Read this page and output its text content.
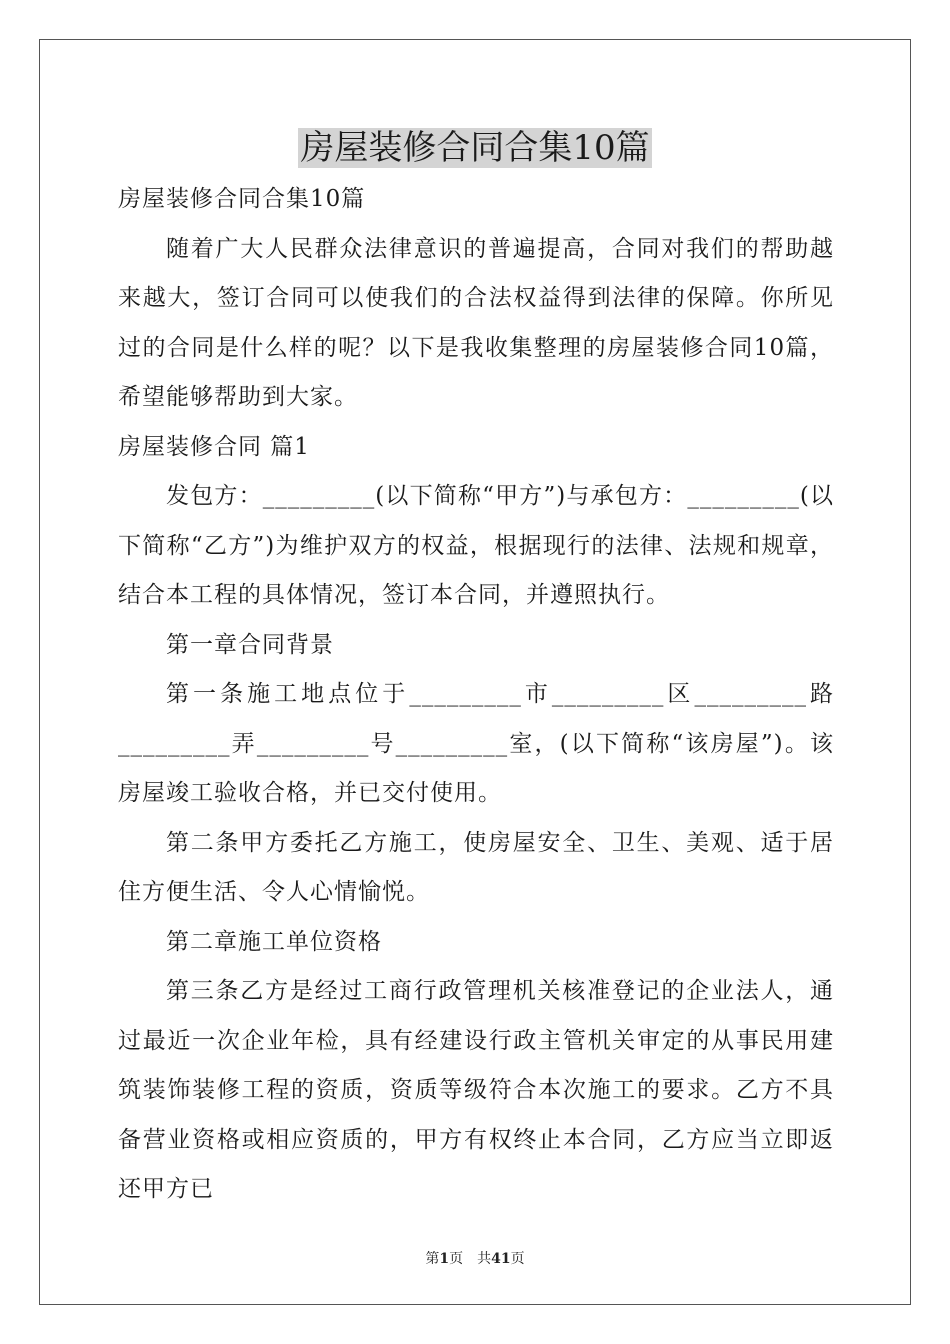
房屋装修合同合集10篇

房屋装修合同合集10篇

随着广大人民群众法律意识的普遍提高，合同对我们的帮助越来越大，签订合同可以使我们的合法权益得到法律的保障。你所见过的合同是什么样的呢？以下是我收集整理的房屋装修合同10篇，希望能够帮助到大家。

房屋装修合同 篇1

发包方：_________(以下简称“甲方”)与承包方：_________(以下简称“乙方”)为维护双方的权益，根据现行的法律、法规和规章，结合本工程的具体情况，签订本合同，并遵照执行。

第一章合同背景

第一条施工地点位于_________市_________区_________路_________弄_________号_________室，(以下简称“该房屋”)。该房屋竣工验收合格，并已交付使用。

第二条甲方委托乙方施工，使房屋安全、卫生、美观、适于居住方便生活、令人心情愉悦。

第二章施工单位资格

第三条乙方是经过工商行政管理机关核准登记的企业法人，通过最近一次企业年检，具有经建设行政主管机关审定的从事民用建筑装饰装修工程的资质，资质等级符合本次施工的要求。乙方不具备营业资格或相应资质的，甲方有权终止本合同，乙方应当立即返还甲方已

第1页 共41页
